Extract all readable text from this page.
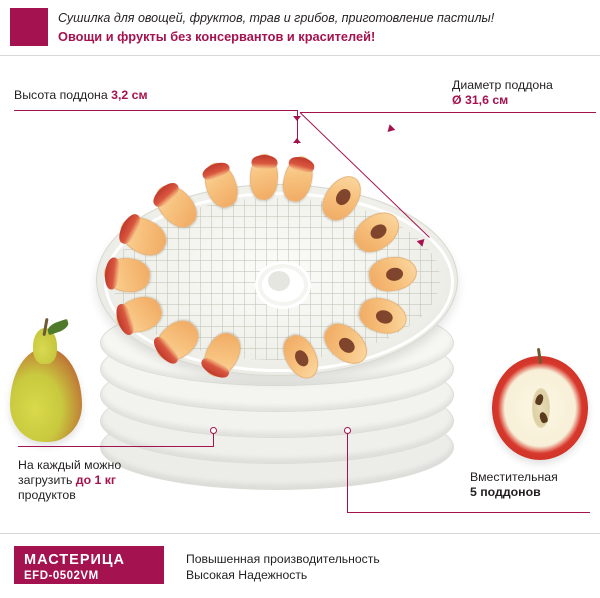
Сушилка для овощей, фруктов, трав и грибов, приготовление пастилы!
Овощи и фрукты без консервантов и красителей!
Высота поддона 3,2 см
Диаметр поддона
Ø 31,6 см
На каждый можно
загрузить до 1 кг
продуктов
Вместительная
5 поддонов
МАСТЕРИЦА
EFD-0502VM
Повышенная производительность
Высокая Надежность
